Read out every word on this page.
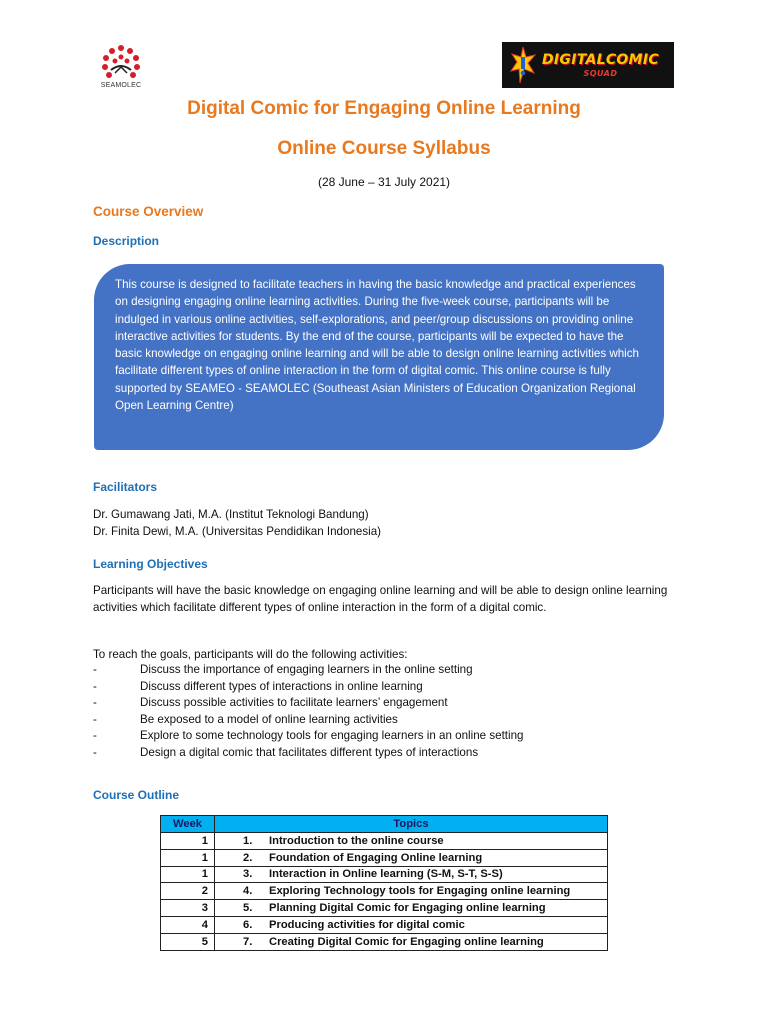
SEAMOLEC
DIGITALCOMIC
SQUAD
Digital Comic for Engaging Online Learning
Online Course Syllabus
(28 June – 31 July 2021)
Course Overview
Description

This course is designed to facilitate teachers in having the basic knowledge and practical experiences on designing engaging online learning activities. During the five-week course, participants will be indulged in various online activities, self-explorations, and peer/group discussions on providing online interactive activities for students. By the end of the course, participants will be expected to have the basic knowledge on engaging online learning and will be able to design online learning activities which facilitate different types of online interaction in the form of digital comic. This online course is fully supported by SEAMEO - SEAMOLEC (Southeast Asian Ministers of Education Organization Regional Open Learning Centre)

Facilitators
Dr. Gumawang Jati, M.A. (Institut Teknologi Bandung)
Dr. Finita Dewi, M.A. (Universitas Pendidikan Indonesia)
Learning Objectives

Participants will have the basic knowledge on engaging online learning and will be able to design online learning activities which facilitate different types of online interaction in the form of a digital comic.

To reach the goals, participants will do the following activities:

-	Discuss the importance of engaging learners in the online setting
-	Discuss different types of interactions in online learning
-	Discuss possible activities to facilitate learners’ engagement
-	Be exposed to a model of online learning activities
-	Explore to some technology tools for engaging learners in an online setting
-	Design a digital comic that facilitates different types of interactions
Course Outline
Week	Topics
1	1. Introduction to the online course
1	2. Foundation of Engaging Online learning
1	3. Interaction in Online learning (S-M, S-T, S-S)
2	4. Exploring Technology tools for Engaging online learning
3	5. Planning Digital Comic for Engaging online learning
4	6. Producing activities for digital comic
5	7. Creating Digital Comic for Engaging online learning
